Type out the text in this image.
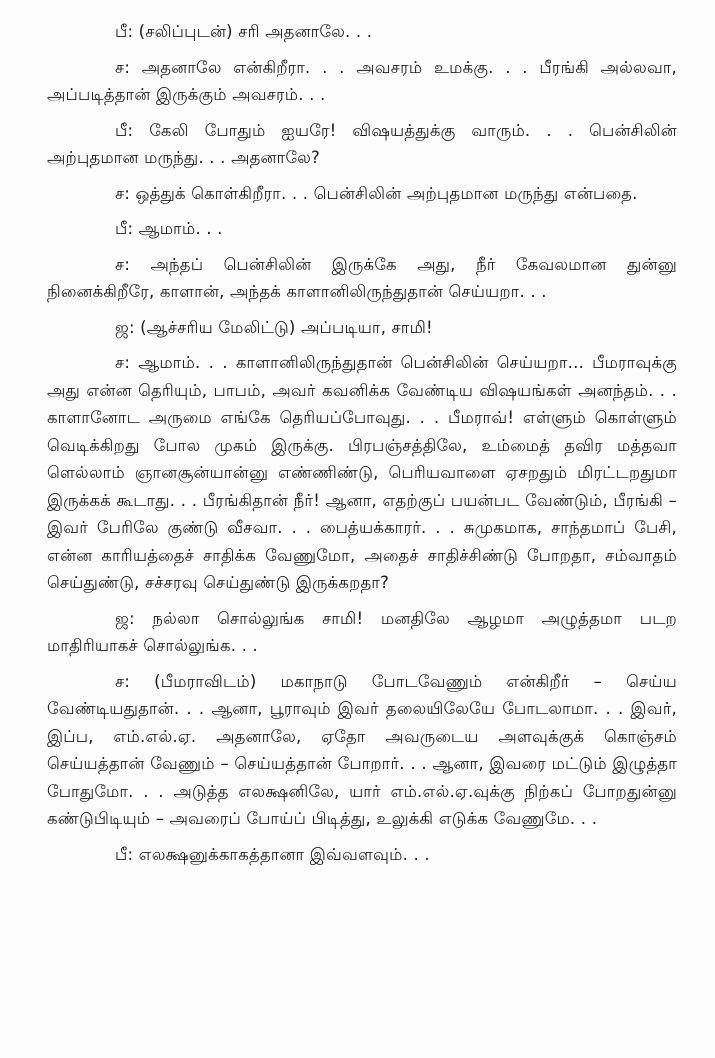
பீ: (சலிப்புடன்) சரி அதனாலே. . .

ச: அதனாலே என்கிறீரா. . . அவசரம் உமக்கு. . . பீரங்கி அல்லவா, அப்படித்தான் இருக்கும் அவசரம். . .

பீ: கேலி போதும் ஐயரே! விஷயத்துக்கு வாரும். . . பென்சிலின் அற்புதமான மருந்து. . . அதனாலே?

ச: ஒத்துக் கொள்கிறீரா. . . பென்சிலின் அற்புதமான மருந்து என்பதை.

பீ: ஆமாம். . .

ச: அந்தப் பென்சிலின் இருக்கே அது, நீர் கேவலமான துன்னு நினைக்கிறீரே, காளான், அந்தக் காளானிலிருந்துதான் செய்யறா. . .

ஜ: (ஆச்சரிய மேலிட்டு) அப்படியா, சாமி!

ச: ஆமாம். . . காளானிலிருந்துதான் பென்சிலின் செய்யறா... பீமராவுக்கு அது என்ன தெரியும், பாபம், அவர் கவனிக்க வேண்டிய விஷயங்கள் அனந்தம். . . காளானோட அருமை எங்கே தெரியப்போவுது. . . பீமராவ்! எள்ளும் கொள்ளும் வெடிக்கிறது போல முகம் இருக்கு. பிரபஞ்சத்திலே, உம்மைத் தவிர மத்தவா ளெல்லாம் ஞானசூன்யான்னு எண்ணிண்டு, பெரியவாளை ஏசறதும் மிரட்டறதுமா இருக்கக் கூடாது. . . பீரங்கிதான் நீர்! ஆனா, எதற்குப் பயன்பட வேண்டும், பீரங்கி – இவர் பேரிலே குண்டு வீசவா. . . பைத்யக்காரர். . . சுமுகமாக, சாந்தமாப் பேசி, என்ன காரியத்தைச் சாதிக்க வேணுமோ, அதைச் சாதிச்சிண்டு போறதா, சம்வாதம் செய்துண்டு, சச்சரவு செய்துண்டு இருக்கறதா?

ஜ: நல்லா சொல்லுங்க சாமி! மனதிலே ஆழமா அழுத்தமா படற மாதிரியாகச் சொல்லுங்க. . .

ச: (பீமராவிடம்) மகாநாடு போடவேணும் என்கிறீர் – செய்ய வேண்டியதுதான். . . ஆனா, பூராவும் இவர் தலையிலேயே போடலாமா. . . இவர், இப்ப, எம்.எல்.ஏ. அதனாலே, ஏதோ அவருடைய அளவுக்குக் கொஞ்சம் செய்யத்தான் வேணும் – செய்யத்தான் போறார். . . ஆனா, இவரை மட்டும் இழுத்தா போதுமோ. . . அடுத்த எலக்ஷனிலே, யார் எம்.எல்.ஏ.வுக்கு நிற்கப் போறதுன்னு கண்டுபிடியும் – அவரைப் போய்ப் பிடித்து, உலுக்கி எடுக்க வேணுமே. . .

பீ: எலக்ஷனுக்காகத்தானா இவ்வளவும். . .
